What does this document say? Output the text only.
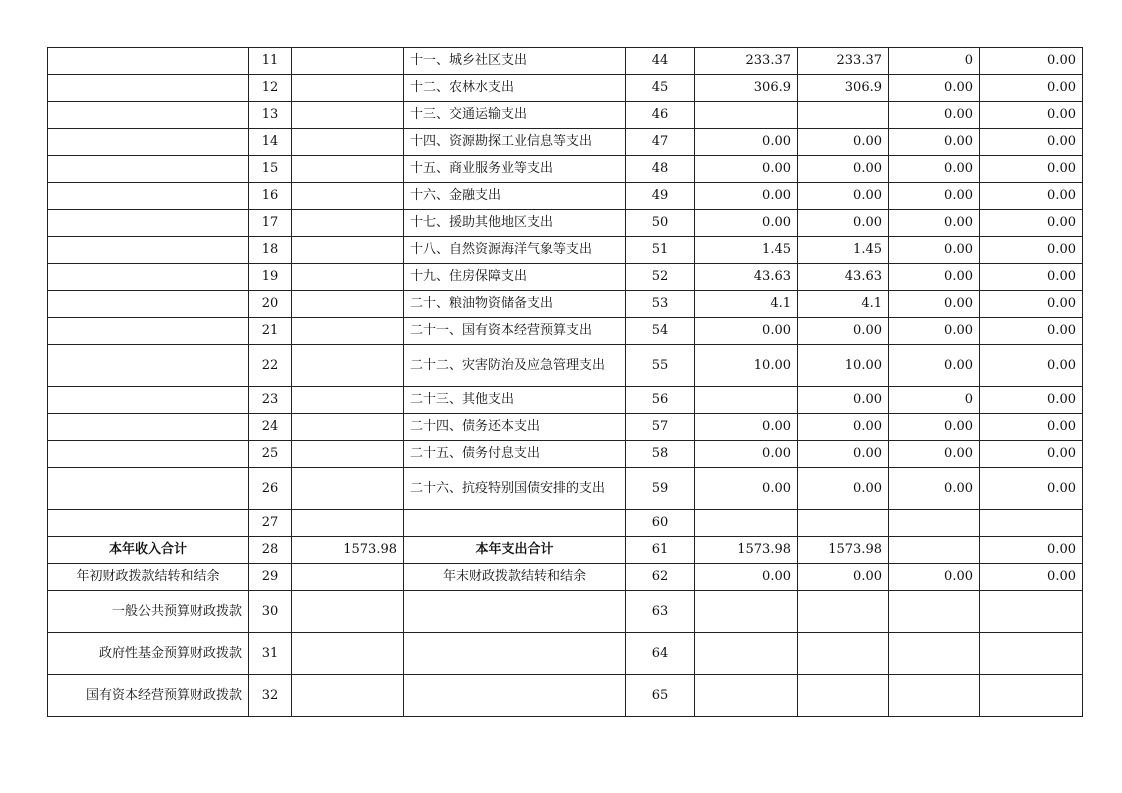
	11		十一、城乡社区支出	44	233.37	233.37	0	0.00
	12		十二、农林水支出	45	306.9	306.9	0.00	0.00
	13		十三、交通运输支出	46			0.00	0.00
	14		十四、资源勘探工业信息等支出	47	0.00	0.00	0.00	0.00
	15		十五、商业服务业等支出	48	0.00	0.00	0.00	0.00
	16		十六、金融支出	49	0.00	0.00	0.00	0.00
	17		十七、援助其他地区支出	50	0.00	0.00	0.00	0.00
	18		十八、自然资源海洋气象等支出	51	1.45	1.45	0.00	0.00
	19		十九、住房保障支出	52	43.63	43.63	0.00	0.00
	20		二十、粮油物资储备支出	53	4.1	4.1	0.00	0.00
	21		二十一、国有资本经营预算支出	54	0.00	0.00	0.00	0.00
	22		二十二、灾害防治及应急管理支出	55	10.00	10.00	0.00	0.00
	23		二十三、其他支出	56		0.00	0	0.00
	24		二十四、债务还本支出	57	0.00	0.00	0.00	0.00
	25		二十五、债务付息支出	58	0.00	0.00	0.00	0.00
	26		二十六、抗疫特别国债安排的支出	59	0.00	0.00	0.00	0.00
	27			60				
本年收入合计	28	1573.98	本年支出合计	61	1573.98	1573.98		0.00
年初财政拨款结转和结余	29		年末财政拨款结转和结余	62	0.00	0.00	0.00	0.00
一般公共预算财政拨款	30			63				
政府性基金预算财政拨款	31			64				
国有资本经营预算财政拨款	32			65				
